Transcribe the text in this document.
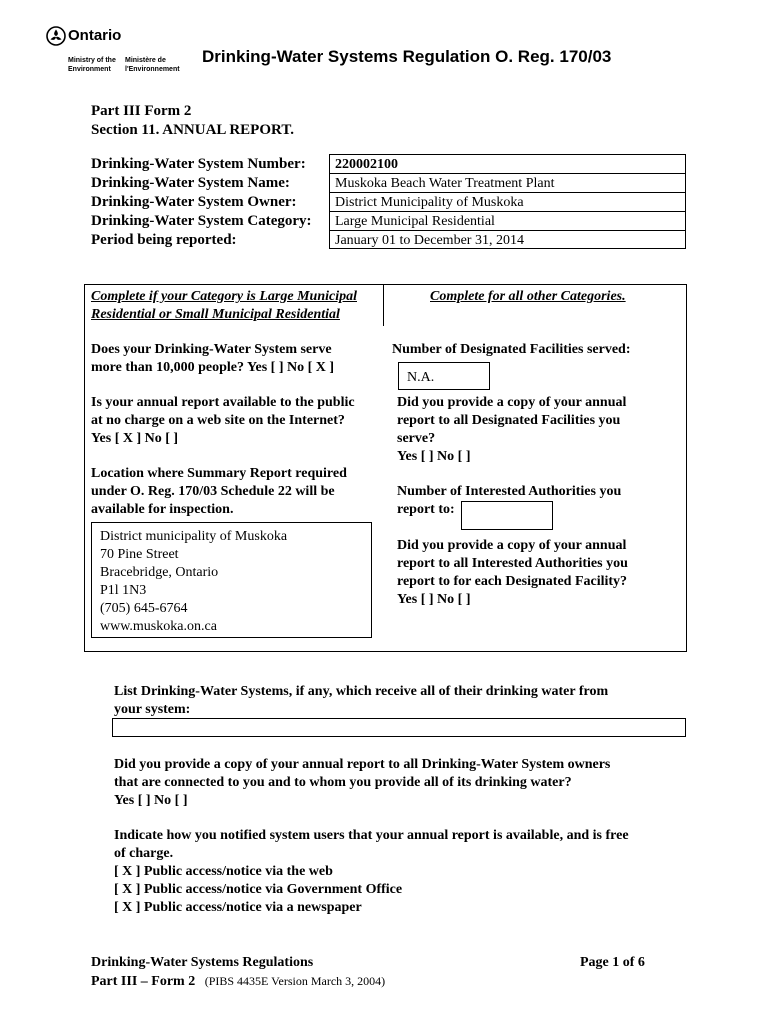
Ontario
Ministry of the
Environment
Ministère de
l'Environnement
Drinking-Water Systems Regulation O. Reg. 170/03
Part III Form 2
Section 11. ANNUAL REPORT.
Drinking-Water System Number:
Drinking-Water System Name:
Drinking-Water System Owner:
Drinking-Water System Category:
Period being reported:
220002100
Muskoka Beach Water Treatment Plant
District Municipality of Muskoka
Large Municipal Residential
January 01 to December 31, 2014
Complete if your Category is Large Municipal
Residential or Small Municipal Residential
Does your Drinking-Water System serve
more than 10,000 people? Yes [ ] No [ X ]
Is your annual report available to the public
at no charge on a web site on the Internet?
Yes [ X ] No [ ]
Location where Summary Report required
under O. Reg. 170/03 Schedule 22 will be
available for inspection.
District municipality of Muskoka
70 Pine Street
Bracebridge, Ontario
P1l 1N3
(705) 645-6764
www.muskoka.on.ca
Complete for all other Categories.
Number of Designated Facilities served:
N.A.
Did you provide a copy of your annual
report to all Designated Facilities you
serve?
Yes [ ] No [ ]
Number of Interested Authorities you
report to:
Did you provide a copy of your annual
report to all Interested Authorities you
report to for each Designated Facility?
Yes [ ] No [ ]
List Drinking-Water Systems, if any, which receive all of their drinking water from
your system:
Did you provide a copy of your annual report to all Drinking-Water System owners
that are connected to you and to whom you provide all of its drinking water?
Yes [ ] No [ ]
Indicate how you notified system users that your annual report is available, and is free
of charge.
[ X ] Public access/notice via the web
[ X ] Public access/notice via Government Office
[ X ] Public access/notice via a newspaper
Drinking-Water Systems Regulations
Part III – Form 2 (PIBS 4435E Version March 3, 2004)
Page 1 of 6
